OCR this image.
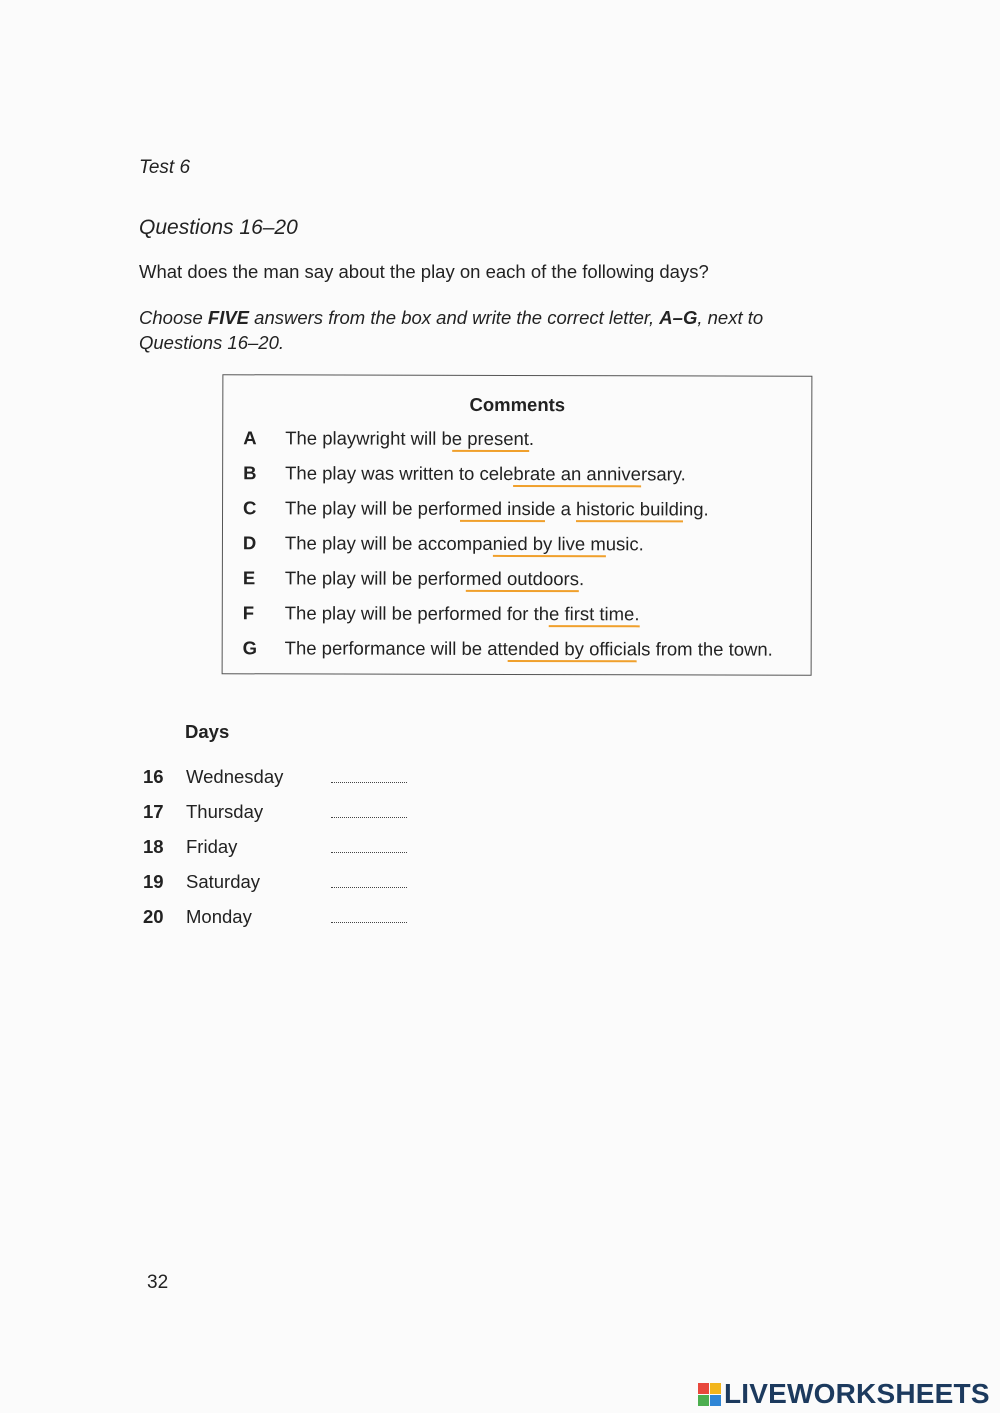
Test 6
Questions 16–20
What does the man say about the play on each of the following days?
Choose FIVE answers from the box and write the correct letter, A–G, next to Questions 16–20.
Comments
A The playwright will be present.
B The play was written to celebrate an anniversary.
C The play will be performed inside a historic building.
D The play will be accompanied by live music.
E The play will be performed outdoors.
F The play will be performed for the first time.
G The performance will be attended by officials from the town.
Days
16 Wednesday
17 Thursday
18 Friday
19 Saturday
20 Monday
32
LIVEWORKSHEETS
